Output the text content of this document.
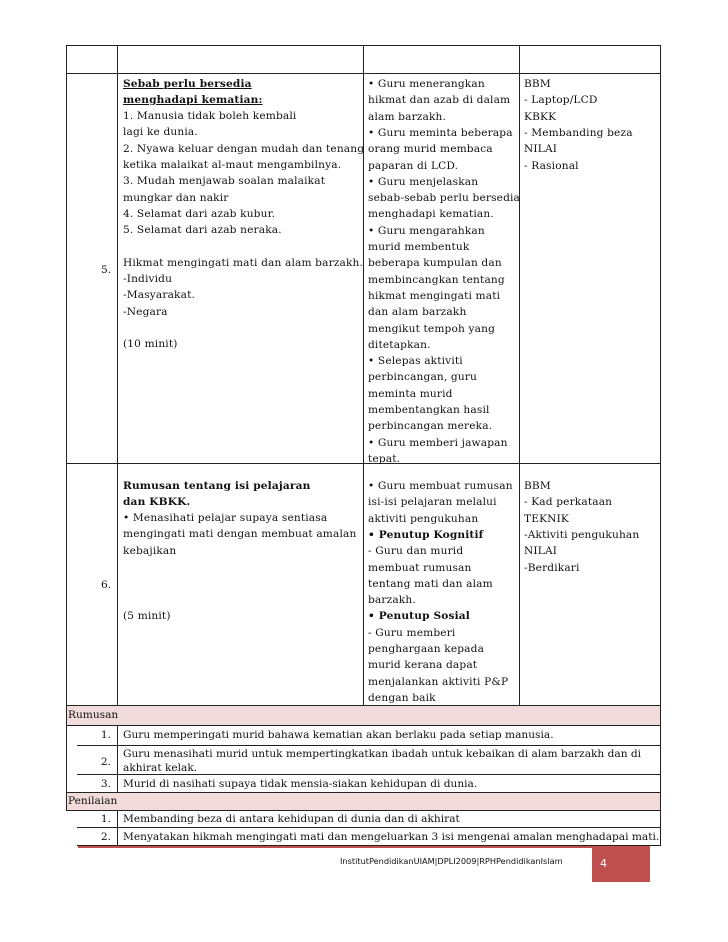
5.
Sebab perlu bersedia
menghadapi kematian:
1. Manusia tidak boleh kembali
lagi ke dunia.
2. Nyawa keluar dengan mudah dan tenang
ketika malaikat al-maut mengambilnya.
3. Mudah menjawab soalan malaikat
mungkar dan nakir
4. Selamat dari azab kubur.
5. Selamat dari azab neraka.
Hikmat mengingati mati dan alam barzakh.
-Individu
-Masyarakat.
-Negara
(10 minit)
• Guru menerangkan
hikmat dan azab di dalam
alam barzakh.
• Guru meminta beberapa
orang murid membaca
paparan di LCD.
• Guru menjelaskan
sebab-sebab perlu bersedia
menghadapi kematian.
• Guru mengarahkan
murid membentuk
beberapa kumpulan dan
membincangkan tentang
hikmat mengingati mati
dan alam barzakh
mengikut tempoh yang
ditetapkan.
• Selepas aktiviti
perbincangan, guru
meminta murid
membentangkan hasil
perbincangan mereka.
• Guru memberi jawapan
tepat.
BBM
- Laptop/LCD
KBKK
- Membanding beza
NILAI
- Rasional
6.
Rumusan tentang isi pelajaran
dan KBKK.
• Menasihati pelajar supaya sentiasa
mengingati mati dengan membuat amalan
kebajikan
(5 minit)
• Guru membuat rumusan
isi-isi pelajaran melalui
aktiviti pengukuhan
• Penutup Kognitif
- Guru dan murid
membuat rumusan
tentang mati dan alam
barzakh.
• Penutup Sosial
- Guru memberi
penghargaan kepada
murid kerana dapat
menjalankan aktiviti P&P
dengan baik
BBM
- Kad perkataan
TEKNIK
-Aktiviti pengukuhan
NILAI
-Berdikari
Rumusan
1. Guru memperingati murid bahawa kematian akan berlaku pada setiap manusia.
2.
Guru menasihati murid untuk mempertingkatkan ibadah untuk kebaikan di alam barzakh dan di
akhirat kelak.
3. Murid di nasihati supaya tidak mensia-siakan kehidupan di dunia.
Penilaian
1. Membanding beza di antara kehidupan di dunia dan di akhirat
2. Menyatakan hikmah mengingati mati dan mengeluarkan 3 isi mengenai amalan menghadapai mati.
InstitutPendidikanUIAM|DPLI2009|RPHPendidikanIslam	4
